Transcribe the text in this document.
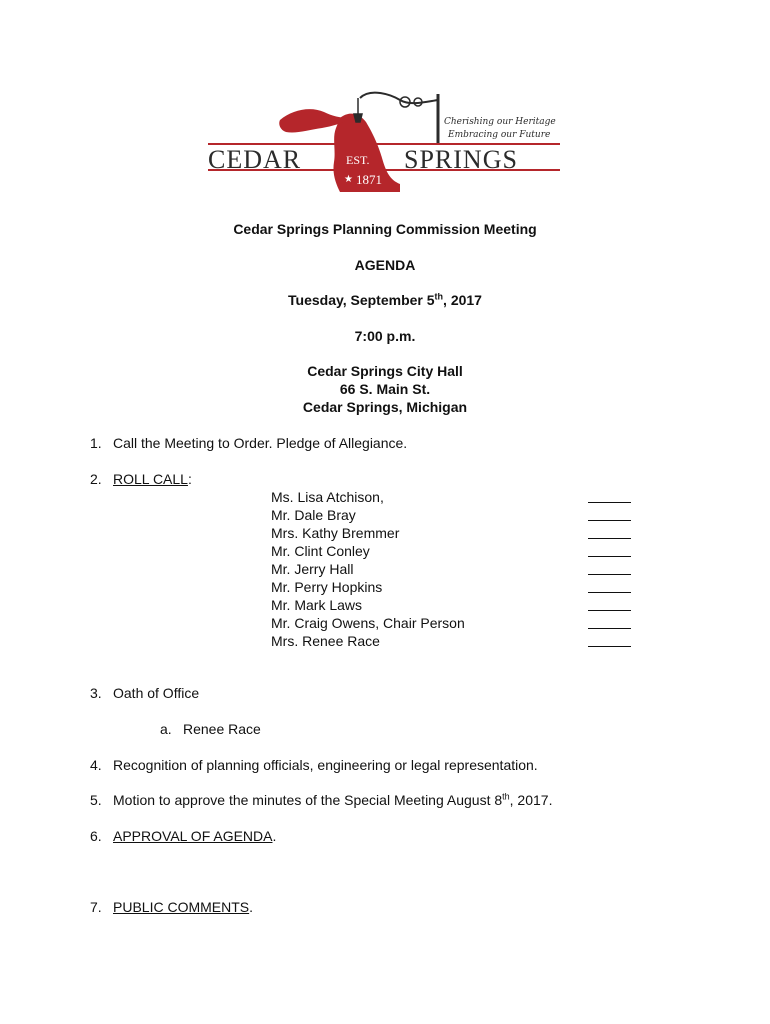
CEDAR	SPRINGS
EST.
★ 1871
Cherishing our Heritage
Embracing our Future
Cedar Springs Planning Commission Meeting
AGENDA
Tuesday, September 5th, 2017
7:00 p.m.
Cedar Springs City Hall
66 S. Main St.
Cedar Springs, Michigan
1. Call the Meeting to Order. Pledge of Allegiance.
2. ROLL CALL:
Ms. Lisa Atchison,
Mr. Dale Bray
Mrs. Kathy Bremmer
Mr. Clint Conley
Mr. Jerry Hall
Mr. Perry Hopkins
Mr. Mark Laws
Mr. Craig Owens, Chair Person
Mrs. Renee Race
3. Oath of Office
a. Renee Race
4. Recognition of planning officials, engineering or legal representation.
5. Motion to approve the minutes of the Special Meeting August 8th, 2017.
6. APPROVAL OF AGENDA.
7. PUBLIC COMMENTS.
